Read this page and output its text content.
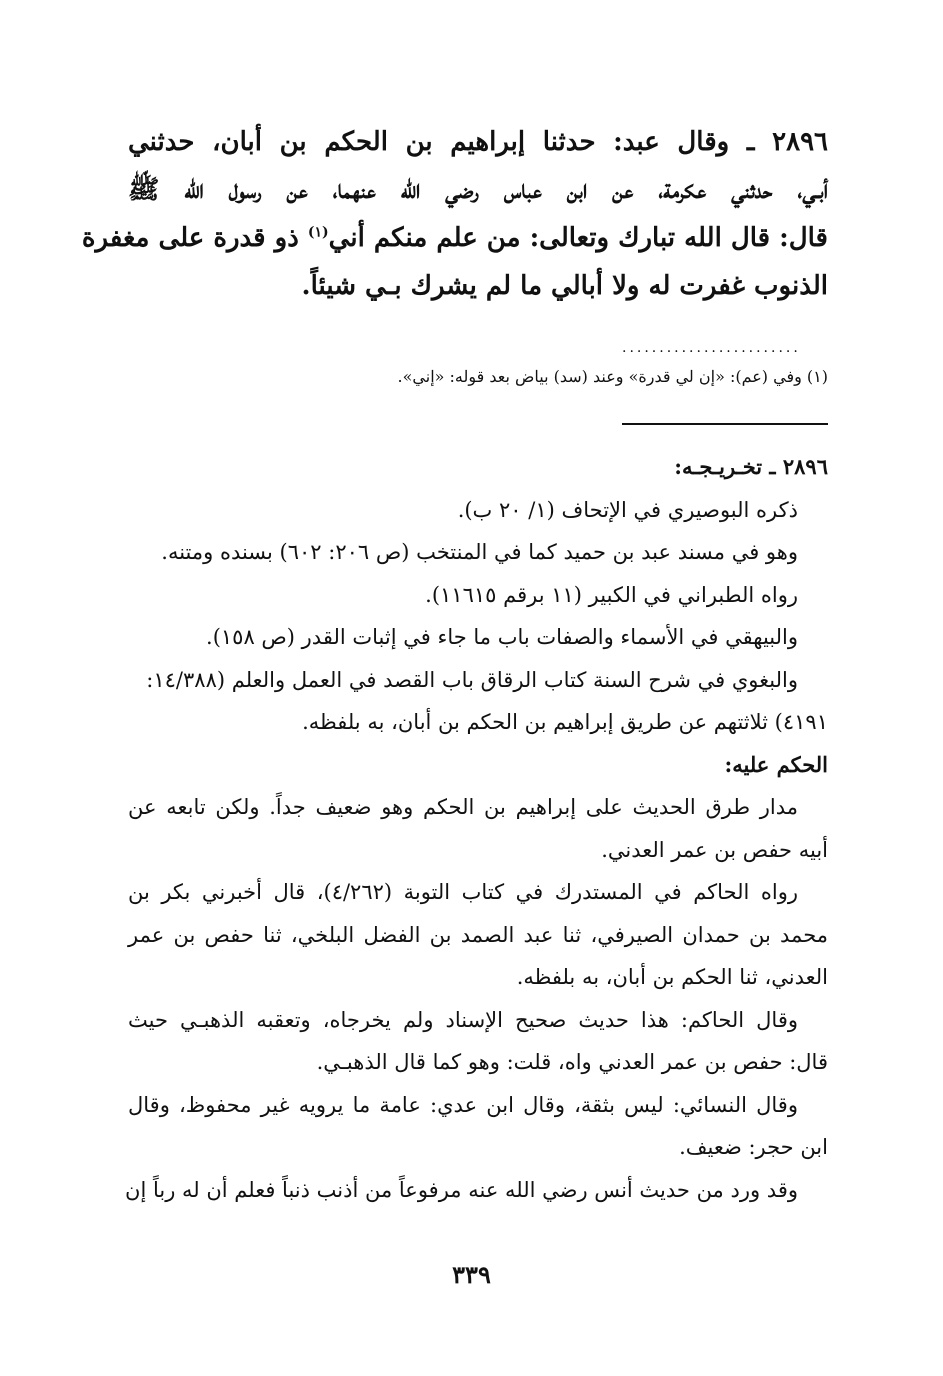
٢٨٩٦ ـ وقال عبد: حدثنا إبراهيم بن الحكم بن أبان، حدثني
أبـي، حدثني عكرمة، عن ابن عباس رضي الله عنهما، عن رسول الله ﷺ
قال: قال الله تبارك وتعالى: من علم منكم أني$^{(١)}$ ذو قدرة على مغفرة
الذنوب غفرت له ولا أبالي ما لم يشرك بـي شيئاً.
........................
(١) وفي (عم): «إن لي قدرة» وعند (سد) بياض بعد قوله: «إني».
٢٨٩٦ ـ تخـريـجـه:
ذكره البوصيري في الإتحاف (١/ ٢٠ ب).
وهو في مسند عبد بن حميد كما في المنتخب (ص ٢٠٦: ٦٠٢) بسنده ومتنه.
رواه الطبراني في الكبير (١١ برقم ١١٦١٥).
والبيهقي في الأسماء والصفات باب ما جاء في إثبات القدر (ص ١٥٨).
والبغوي في شرح السنة كتاب الرقاق باب القصد في العمل والعلم (١٤/٣٨٨:
٤١٩١) ثلاثتهم عن طريق إبراهيم بن الحكم بن أبان، به بلفظه.
الحكم عليه:
مدار طرق الحديث على إبراهيم بن الحكم وهو ضعيف جداً. ولكن تابعه عن
أبيه حفص بن عمر العدني.
رواه الحاكم في المستدرك في كتاب التوبة (٤/٢٦٢)، قال أخبرني بكر بن
محمد بن حمدان الصيرفي، ثنا عبد الصمد بن الفضل البلخي، ثنا حفص بن عمر
العدني، ثنا الحكم بن أبان، به بلفظه.
وقال الحاكم: هذا حديث صحيح الإسناد ولم يخرجاه، وتعقبه الذهبـي حيث
قال: حفص بن عمر العدني واه، قلت: وهو كما قال الذهبـي.
وقال النسائي: ليس بثقة، وقال ابن عدي: عامة ما يرويه غير محفوظ، وقال
ابن حجر: ضعيف.
وقد ورد من حديث أنس رضي الله عنه مرفوعاً من أذنب ذنباً فعلم أن له رباً إن
٣٣٩
